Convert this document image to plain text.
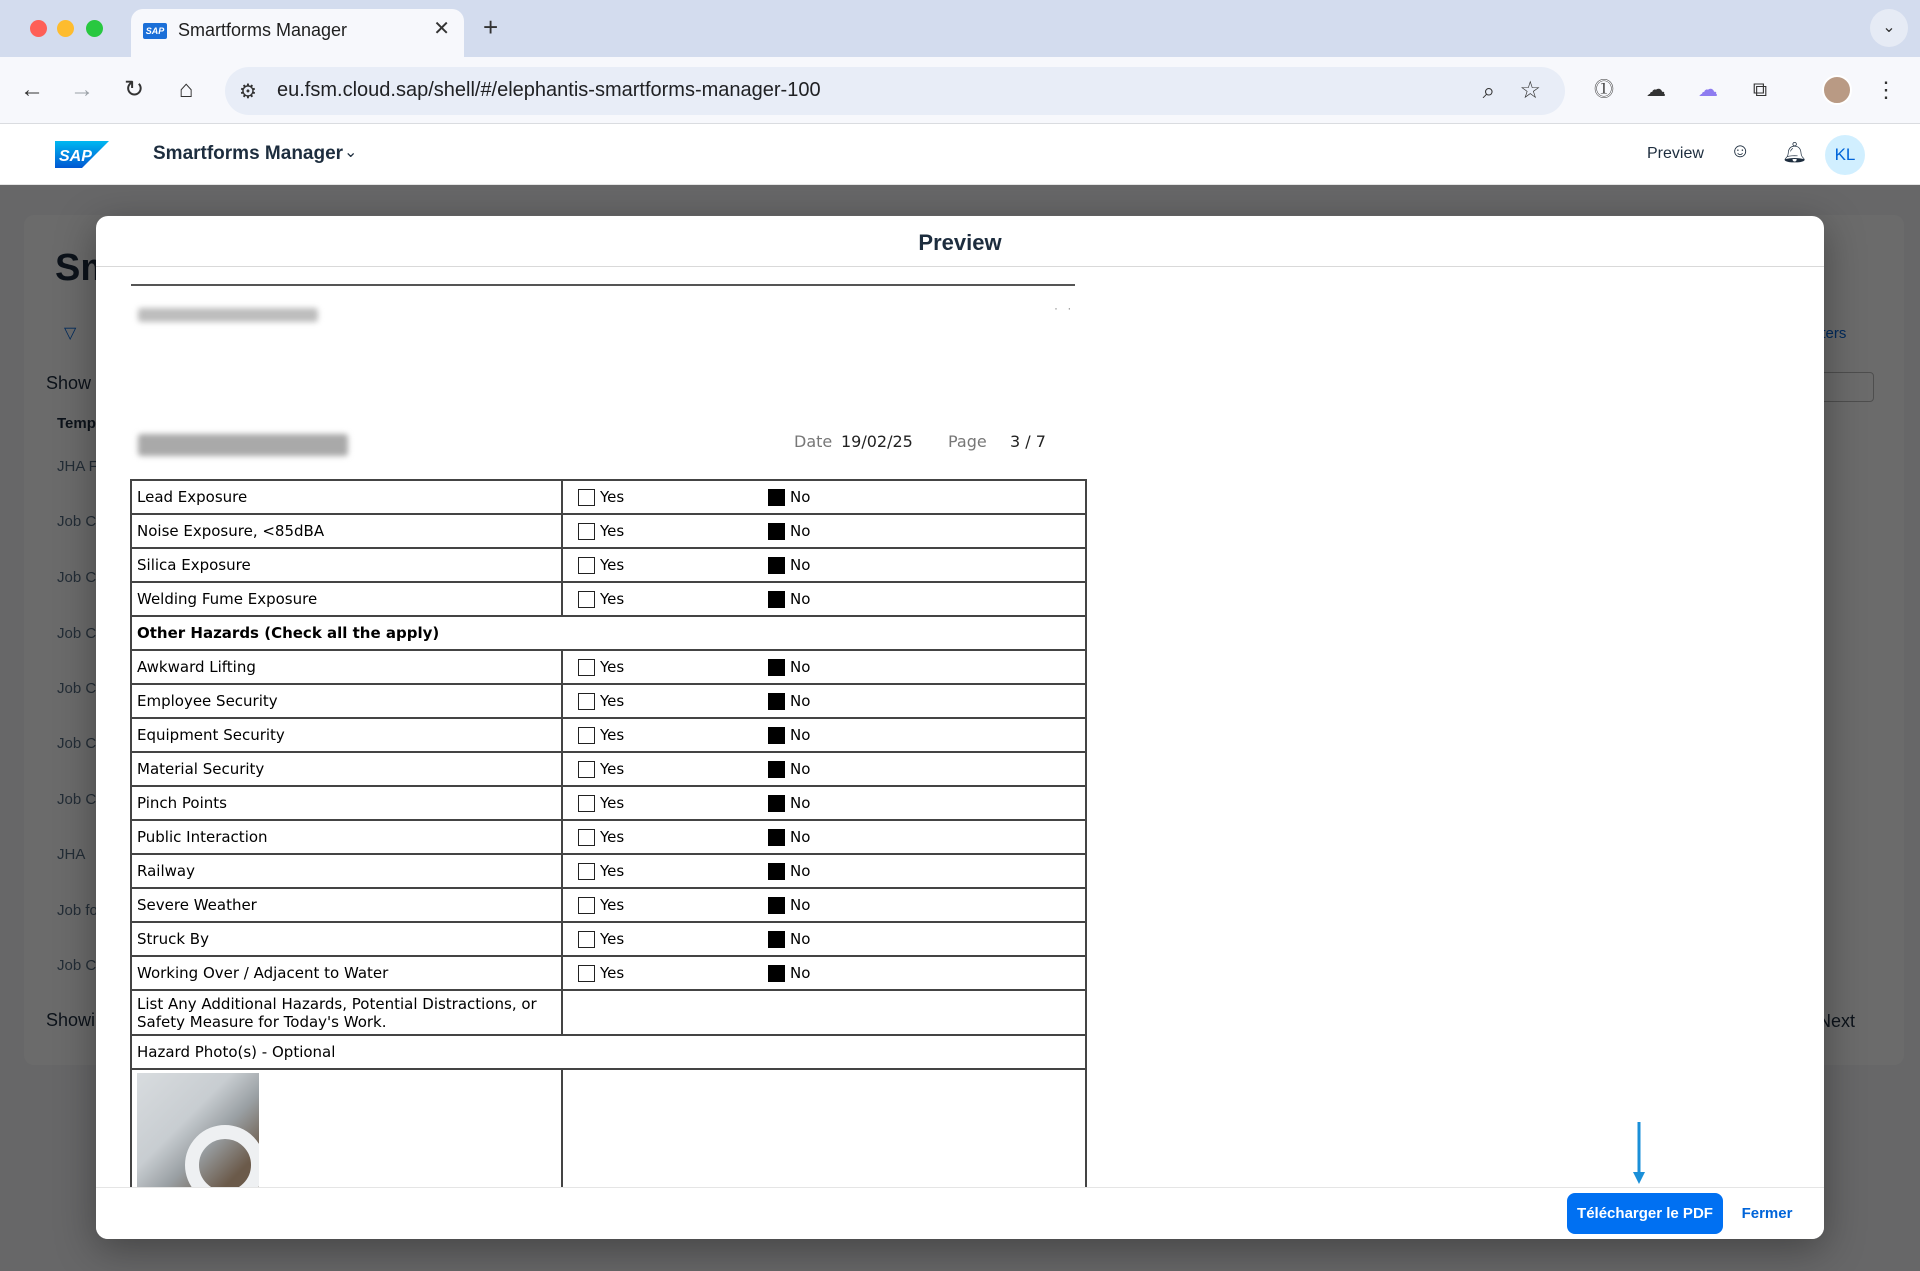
SAP Smartforms Manager	✕ +	⌄
← → ↻	⌂	⚙ eu.fsm.cloud.sap/shell/#/elephantis-smartforms-manager-100	⌕ ☆	⓵ ☁ ☁	⧉	⋮
SAP	Smartforms Manager ⌄	Preview ☺ 🔔︎	KL
Preview
· ·
Date 19/02/25 Page 3 / 7
Lead Exposure	Yes No
Noise Exposure, <85dBA	Yes No
Silica Exposure	Yes No
Welding Fume Exposure	Yes No
Other Hazards (Check all the apply)	
Awkward Lifting	Yes No
Employee Security	Yes No
Equipment Security	Yes No
Material Security	Yes No
Pinch Points	Yes No
Public Interaction	Yes No
Railway	Yes No
Severe Weather	Yes No
Struck By	Yes No
Working Over / Adjacent to Water	Yes No
List Any Additional Hazards, Potential Distractions, or Safety Measure for Today's Work.	
Hazard Photo(s) - Optional	

Télécharger le PDF	Fermer
